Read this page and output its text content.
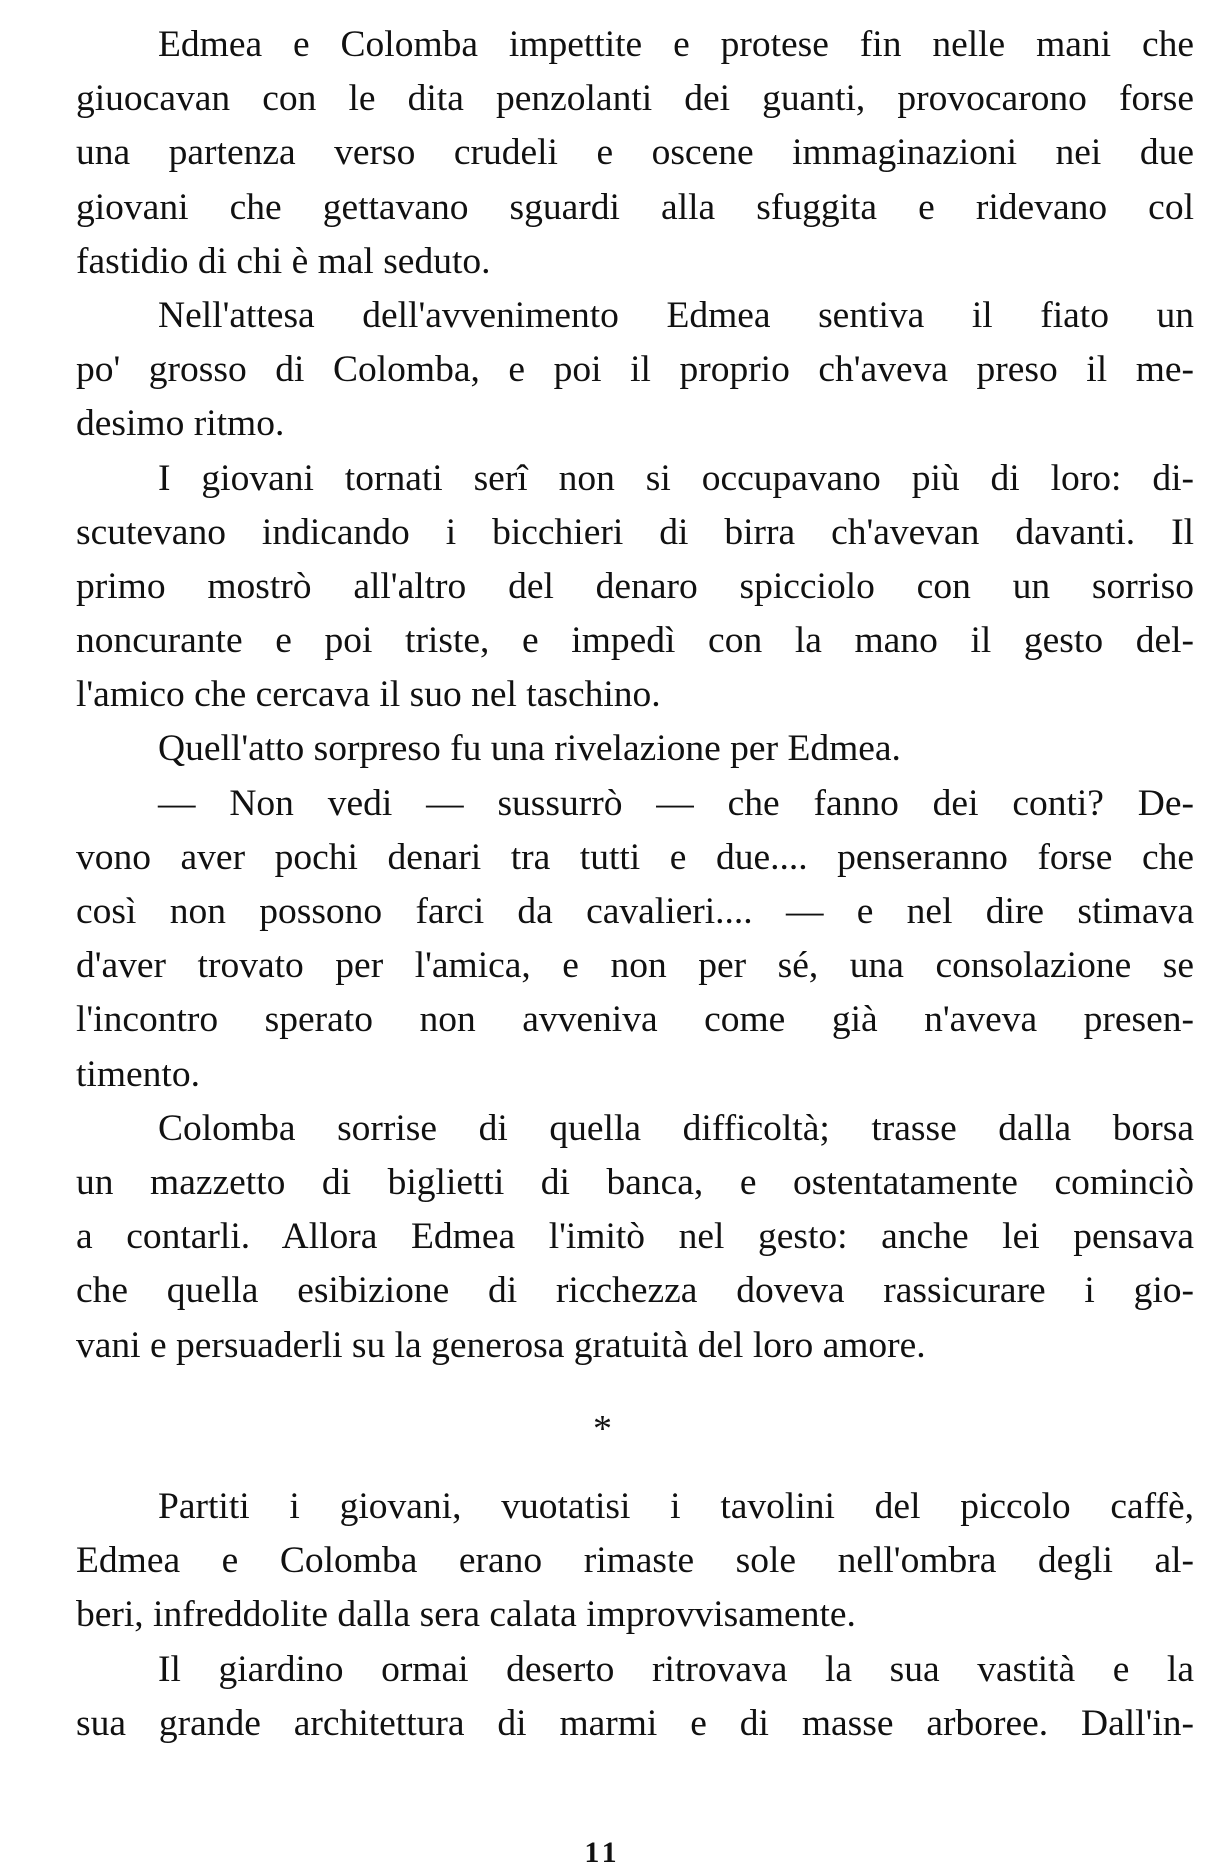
Edmea e Colomba impettite e protese fin nelle mani che
giuocavan con le dita penzolanti dei guanti, provocarono forse
una partenza verso crudeli e oscene immaginazioni nei due
giovani che gettavano sguardi alla sfuggita e ridevano col
fastidio di chi è mal seduto.
Nell'attesa dell'avvenimento Edmea sentiva il fiato un
po' grosso di Colomba, e poi il proprio ch'aveva preso il me-
desimo ritmo.
I giovani tornati serî non si occupavano più di loro: di-
scutevano indicando i bicchieri di birra ch'avevan davanti. Il
primo mostrò all'altro del denaro spicciolo con un sorriso
noncurante e poi triste, e impedì con la mano il gesto del-
l'amico che cercava il suo nel taschino.
Quell'atto sorpreso fu una rivelazione per Edmea.
— Non vedi — sussurrò — che fanno dei conti? De-
vono aver pochi denari tra tutti e due.... penseranno forse che
così non possono farci da cavalieri.... — e nel dire stimava
d'aver trovato per l'amica, e non per sé, una consolazione se
l'incontro sperato non avveniva come già n'aveva presen-
timento.
Colomba sorrise di quella difficoltà; trasse dalla borsa
un mazzetto di biglietti di banca, e ostentatamente cominciò
a contarli. Allora Edmea l'imitò nel gesto: anche lei pensava
che quella esibizione di ricchezza doveva rassicurare i gio-
vani e persuaderli su la generosa gratuità del loro amore.
*
Partiti i giovani, vuotatisi i tavolini del piccolo caffè,
Edmea e Colomba erano rimaste sole nell'ombra degli al-
beri, infreddolite dalla sera calata improvvisamente.
Il giardino ormai deserto ritrovava la sua vastità e la
sua grande architettura di marmi e di masse arboree. Dall'in-
11
